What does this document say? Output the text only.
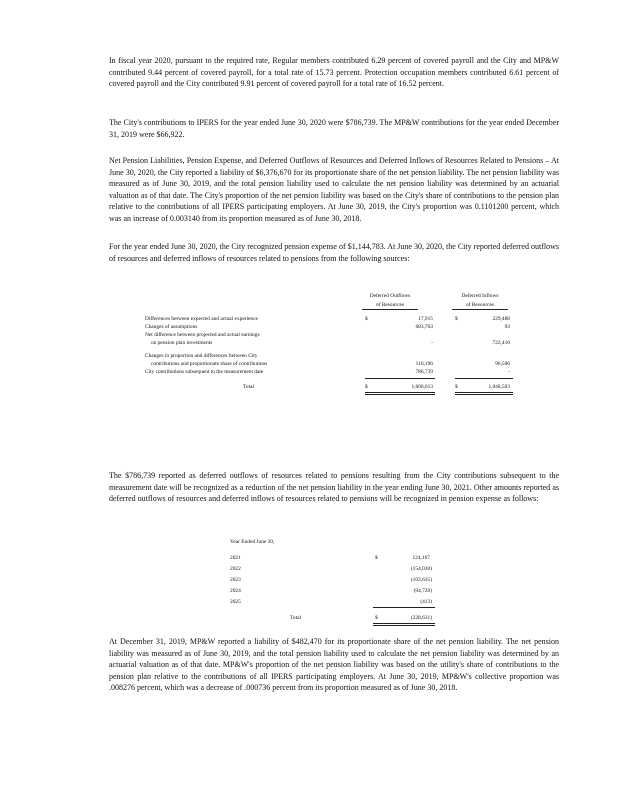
In fiscal year 2020, pursuant to the required rate, Regular members contributed 6.29 percent of covered payroll and the City and MP&W contributed 9.44 percent of covered payroll, for a total rate of 15.73 percent. Protection occupation members contributed 6.61 percent of covered payroll and the City contributed 9.91 percent of covered payroll for a total rate of 16.52 percent.

The City's contributions to IPERS for the year ended June 30, 2020 were $786,739. The MP&W contributions for the year ended December 31, 2019 were $66,922.

Net Pension Liabilities, Pension Expense, and Deferred Outflows of Resources and Deferred Inflows of Resources Related to Pensions – At June 30, 2020, the City reported a liability of $6,376,670 for its proportionate share of the net pension liability. The net pension liability was measured as of June 30, 2019, and the total pension liability used to calculate the net pension liability was determined by an actuarial valuation as of that date. The City's proportion of the net pension liability was based on the City's share of contributions to the pension plan relative to the contributions of all IPERS participating employers. At June 30, 2019, the City's proportion was 0.1101200 percent, which was an increase of 0.003140 from its proportion measured as of June 30, 2018.

For the year ended June 30, 2020, the City recognized pension expense of $1,144,783. At June 30, 2020, the City reported deferred outflows of resources and deferred inflows of resources related to pensions from the following sources:

Deferred Outflows
of Resources
Deferred Inflows
of Resources
$	$
Differences between expected and actual experience	17,915	229,488
Changes of assumptions	683,763	93
Net difference between projected and actual earnings
on pension plan investments	-	722,416
Changes in proportion and differences between City
contributions and proportionate share of contributions	116,196	96,506
City contributions subsequent to the measurement date	786,739	-
Total	$	1,606,613	$	1,048,503

The $786,739 reported as deferred outflows of resources related to pensions resulting from the City contributions subsequent to the measurement date will be recognized as a reduction of the net pension liability in the year ending June 30, 2021. Other amounts reported as deferred outflows of resources and deferred inflows of resources related to pensions will be recognized in pension expense as follows:

Year Ended June 30,
2021	$	124,167
2022	(154,030)
2023	(103,635)
2024	(94,720)
2025	(413)
Total	$	(228,631)

At December 31, 2019, MP&W reported a liability of $482,470 for its proportionate share of the net pension liability. The net pension liability was measured as of June 30, 2019, and the total pension liability used to calculate the net pension liability was determined by an actuarial valuation as of that date. MP&W's proportion of the net pension liability was based on the utility's share of contributions to the pension plan relative to the contributions of all IPERS participating employers. At June 30, 2019, MP&W's collective proportion was .008276 percent, which was a decrease of .000736 percent from its proportion measured as of June 30, 2018.
